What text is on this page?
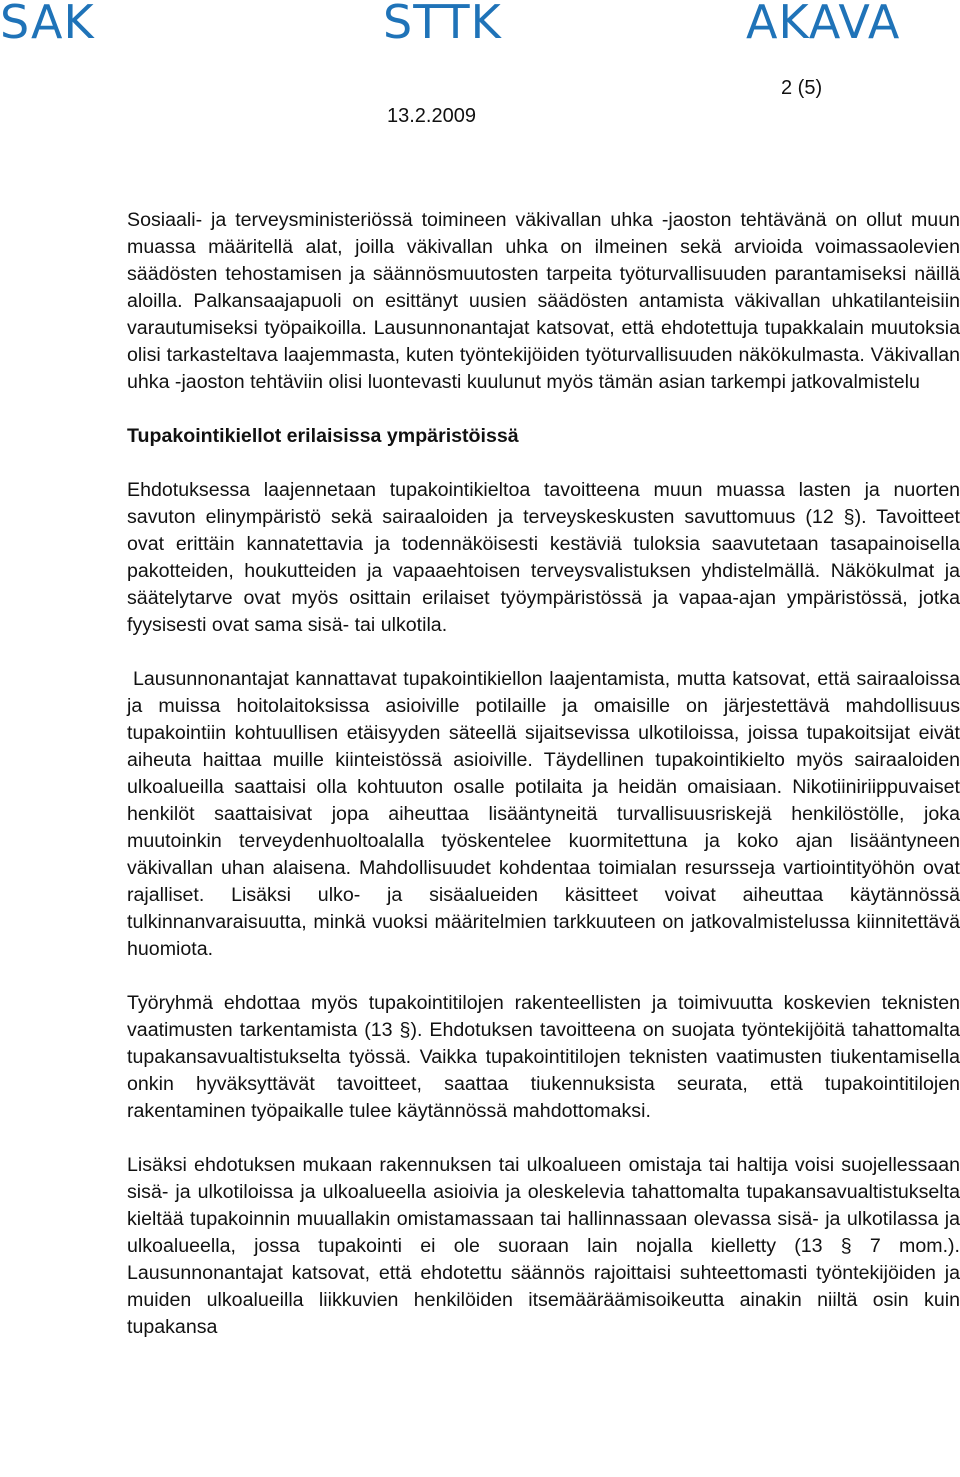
SAK	STTK	AKAVA
2 (5)
13.2.2009

Sosiaali- ja terveysministeriössä toimineen väkivallan uhka -jaoston tehtävänä on ollut muun muassa määritellä alat, joilla väkivallan uhka on ilmeinen sekä arvioida voimassaolevien säädösten tehostamisen ja säännösmuutosten tarpeita työturvallisuuden parantamiseksi näillä aloilla. Palkansaajapuoli on esittänyt uusien säädösten antamista väkivallan uhkatilanteisiin varautumiseksi työpaikoilla. Lausunnonantajat katsovat, että ehdotettuja tupakkalain muutoksia olisi tarkasteltava laajemmasta, kuten työntekijöiden työturvallisuuden näkökulmasta. Väkivallan uhka -jaoston tehtäviin olisi luontevasti kuulunut myös tämän asian tarkempi jatkovalmistelu

Tupakointikiellot erilaisissa ympäristöissä

Ehdotuksessa laajennetaan tupakointikieltoa tavoitteena muun muassa lasten ja nuorten savuton elinympäristö sekä sairaaloiden ja terveyskeskusten savuttomuus (12 §). Tavoitteet ovat erittäin kannatettavia ja todennäköisesti kestäviä tuloksia saavutetaan tasapainoisella pakotteiden, houkutteiden ja vapaaehtoisen terveysvalistuksen yhdistelmällä. Näkökulmat ja säätelytarve ovat myös osittain erilaiset työympäristössä ja vapaa-ajan ympäristössä, jotka fyysisesti ovat sama sisä- tai ulkotila.

Lausunnonantajat kannattavat tupakointikiellon laajentamista, mutta katsovat, että sairaaloissa ja muissa hoitolaitoksissa asioiville potilaille ja omaisille on järjestettävä mahdollisuus tupakointiin kohtuullisen etäisyyden säteellä sijaitsevissa ulkotiloissa, joissa tupakoitsijat eivät aiheuta haittaa muille kiinteistössä asioiville. Täydellinen tupakointikielto myös sairaaloiden ulkoalueilla saattaisi olla kohtuuton osalle potilaita ja heidän omaisiaan. Nikotiiniriippuvaiset henkilöt saattaisivat jopa aiheuttaa lisääntyneitä turvallisuusriskejä henkilöstölle, joka muutoinkin terveydenhuoltoalalla työskentelee kuormitettuna ja koko ajan lisääntyneen väkivallan uhan alaisena. Mahdollisuudet kohdentaa toimialan resursseja vartiointityöhön ovat rajalliset. Lisäksi ulko- ja sisäalueiden käsitteet voivat aiheuttaa käytännössä tulkinnanvaraisuutta, minkä vuoksi määritelmien tarkkuuteen on jatkovalmistelussa kiinnitettävä huomiota.

Työryhmä ehdottaa myös tupakointitilojen rakenteellisten ja toimivuutta koskevien teknisten vaatimusten tarkentamista (13 §). Ehdotuksen tavoitteena on suojata työntekijöitä tahattomalta tupakansavualtistukselta työssä. Vaikka tupakointitilojen teknisten vaatimusten tiukentamisella onkin hyväksyttävät tavoitteet, saattaa tiukennuksista seurata, että tupakointitilojen rakentaminen työpaikalle tulee käytännössä mahdottomaksi.

Lisäksi ehdotuksen mukaan rakennuksen tai ulkoalueen omistaja tai haltija voisi suojellessaan sisä- ja ulkotiloissa ja ulkoalueella asioivia ja oleskelevia tahattomalta tupakansavualtistukselta kieltää tupakoinnin muuallakin omistamassaan tai hallinnassaan olevassa sisä- ja ulkotilassa ja ulkoalueella, jossa tupakointi ei ole suoraan lain nojalla kielletty (13 § 7 mom.). Lausunnonantajat katsovat, että ehdotettu säännös rajoittaisi suhteettomasti työntekijöiden ja muiden ulkoalueilla liikkuvien henkilöiden itsemääräämisoikeutta ainakin niiltä osin kuin tupakansa
